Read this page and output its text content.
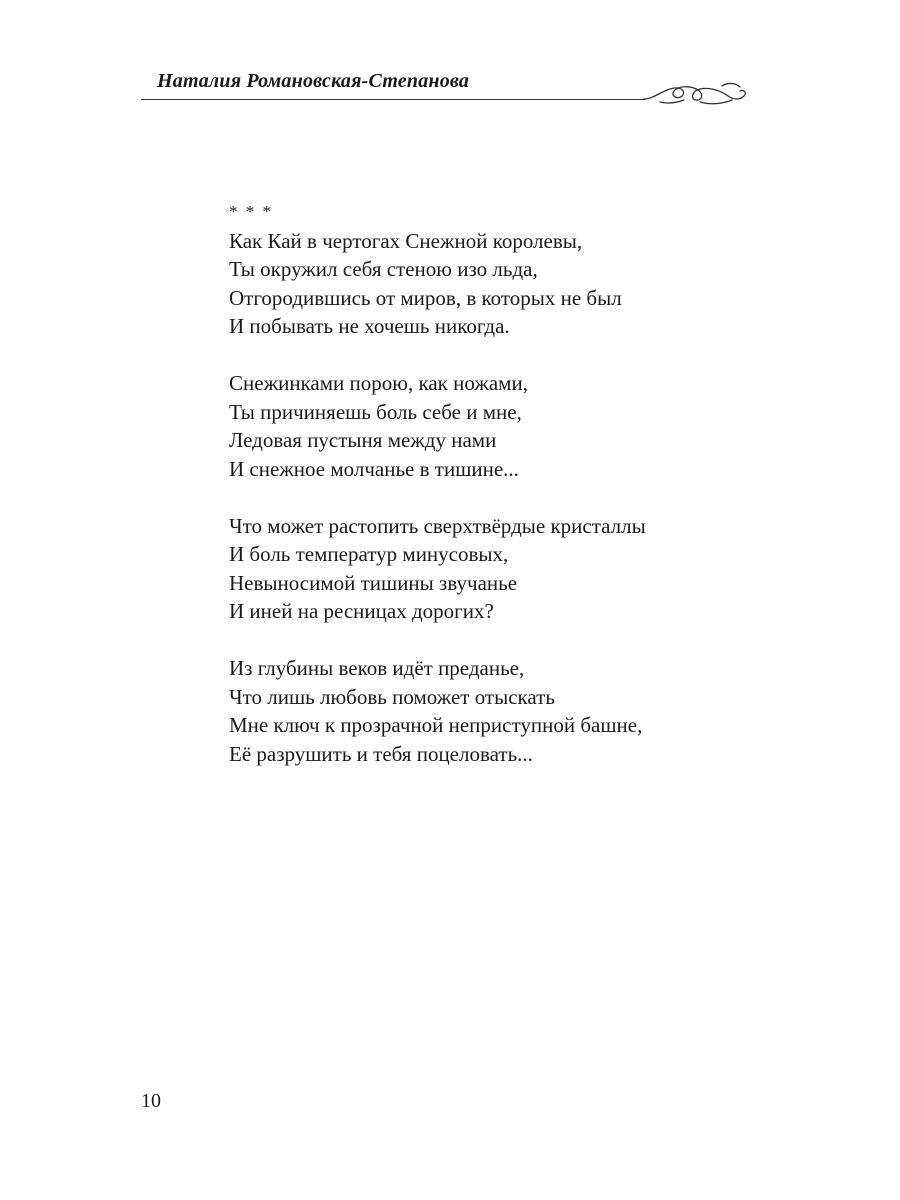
Наталия Романовская-Степанова
* * *
Как Кай в чертогах Снежной королевы,
Ты окружил себя стеною изо льда,
Отгородившись от миров, в которых не был
И побывать не хочешь никогда.
Снежинками порою, как ножами,
Ты причиняешь боль себе и мне,
Ледовая пустыня между нами
И снежное молчанье в тишине...
Что может растопить сверхтвёрдые кристаллы
И боль температур минусовых,
Невыносимой тишины звучанье
И иней на ресницах дорогих?
Из глубины веков идёт преданье,
Что лишь любовь поможет отыскать
Мне ключ к прозрачной неприступной башне,
Её разрушить и тебя поцеловать...
10
